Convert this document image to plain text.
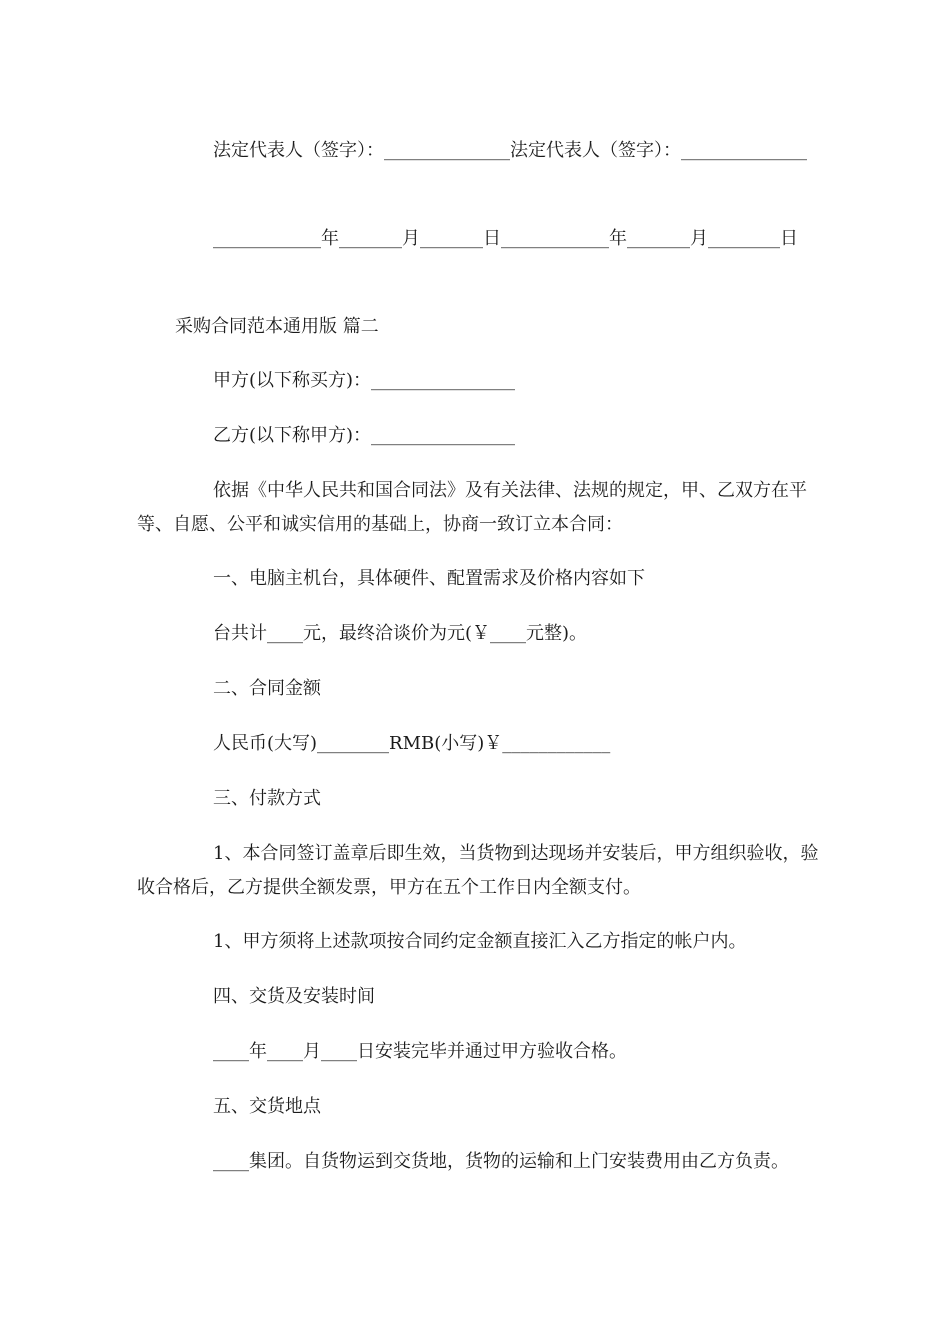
法定代表人（签字）：______________法定代表人（签字）：______________

____________年_______月_______日____________年_______月________日

采购合同范本通用版 篇二

甲方(以下称买方)：________________

乙方(以下称甲方)：________________

依据《中华人民共和国合同法》及有关法律、法规的规定，甲、乙双方在平等、自愿、公平和诚实信用的基础上，协商一致订立本合同：

一、电脑主机台，具体硬件、配置需求及价格内容如下

台共计____元，最终洽谈价为元(￥____元整)。

二、合同金额

人民币(大写)________RMB(小写)￥____________

三、付款方式

1、本合同签订盖章后即生效，当货物到达现场并安装后，甲方组织验收，验收合格后，乙方提供全额发票，甲方在五个工作日内全额支付。

1、甲方须将上述款项按合同约定金额直接汇入乙方指定的帐户内。

四、交货及安装时间

____年____月____日安装完毕并通过甲方验收合格。

五、交货地点

____集团。自货物运到交货地，货物的运输和上门安装费用由乙方负责。
